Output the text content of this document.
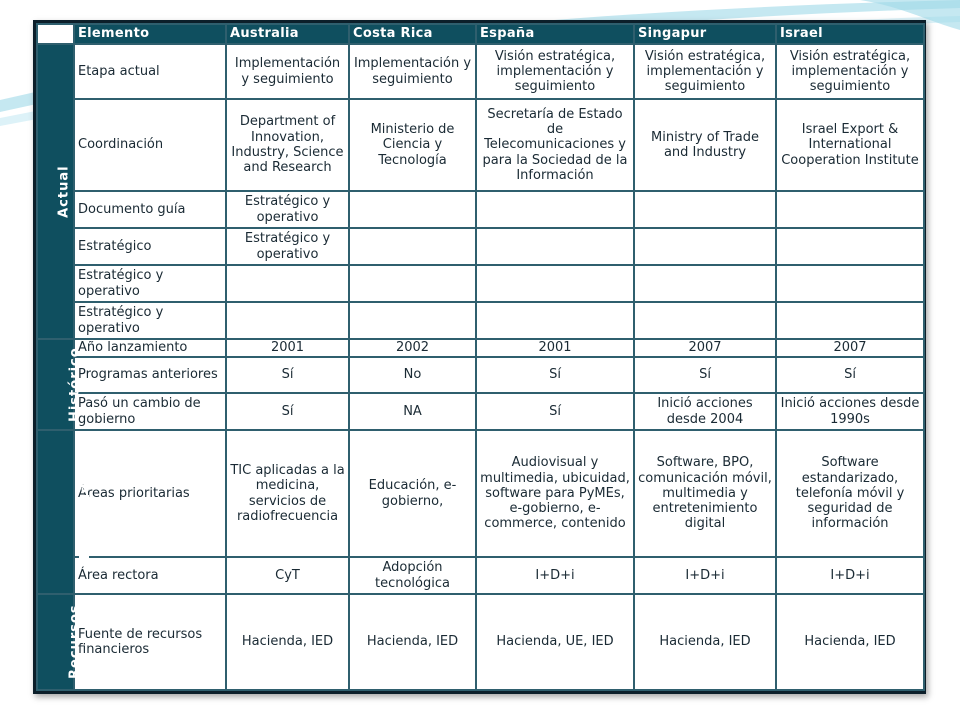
	Elemento	Australia	Costa Rica	España	Singapur	Israel
Actual	Etapa actual	Implementación y seguimiento	Implementación y seguimiento	Visión estratégica, implementación y seguimiento	Visión estratégica, implementación y seguimiento	Visión estratégica, implementación y seguimiento
	Coordinación	Department of Innovation, Industry, Science and Research	Ministerio de Ciencia y Tecnología	Secretaría de Estado de Telecomunicaciones y para la Sociedad de la Información	Ministry of Trade and Industry	Israel Export & International Cooperation Institute
	Documento guía	Estratégico y operativo				
	Estratégico	Estratégico y operativo				
	Estratégico y operativo					
	Estratégico y operativo					
Histórico	Año lanzamiento	2001	2002	2001	2007	2007
	Programas anteriores	Sí	No	Sí	Sí	Sí
	Pasó un cambio de gobierno	Sí	NA	Sí	Inició acciones desde 2004	Inició acciones desde 1990s
Prioridades	Áreas prioritarias	TIC aplicadas a la medicina, servicios de radiofrecuencia	Educación, e-gobierno,	Audiovisual y multimedia, ubicuidad, software para PyMEs, e-gobierno, e-commerce, contenido	Software, BPO, comunicación móvil, multimedia y entretenimiento digital	Software estandarizado, telefonía móvil y seguridad de información
	Área rectora	CyT	Adopción tecnológica	I+D+i	I+D+i	I+D+i
Recursos	Fuente de recursos financieros	Hacienda, IED	Hacienda, IED	Hacienda, UE, IED	Hacienda, IED	Hacienda, IED
